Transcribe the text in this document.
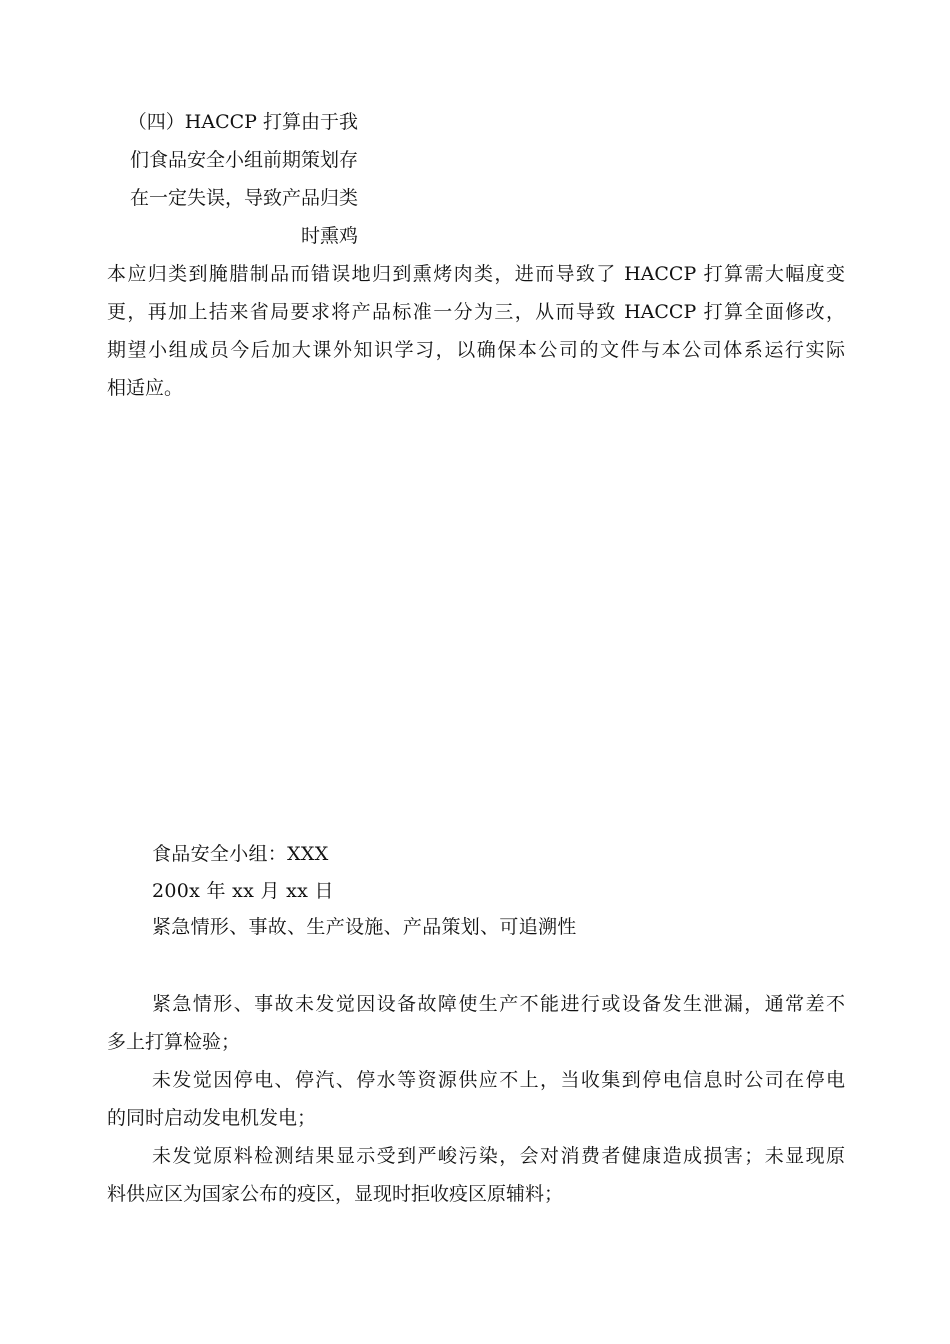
（四）HACCP 打算由于我
们食品安全小组前期策划存
在一定失误，导致产品归类
时熏鸡
本应归类到腌腊制品而错误地归到熏烤肉类，进而导致了 HACCP 打算需大幅度变
更，再加上拮来省局要求将产品标准一分为三，从而导致 HACCP 打算全面修改，
期望小组成员今后加大课外知识学习，以确保本公司的文件与本公司体系运行实际
相适应。
食品安全小组：XXX
200x 年 xx 月 xx 日
紧急情形、事故、生产设施、产品策划、可追溯性
紧急情形、事故未发觉因设备故障使生产不能进行或设备发生泄漏，通常差不
多上打算检验；
未发觉因停电、停汽、停水等资源供应不上，当收集到停电信息时公司在停电
的同时启动发电机发电；
未发觉原料检测结果显示受到严峻污染，会对消费者健康造成损害；未显现原
料供应区为国家公布的疫区，显现时拒收疫区原辅料；
